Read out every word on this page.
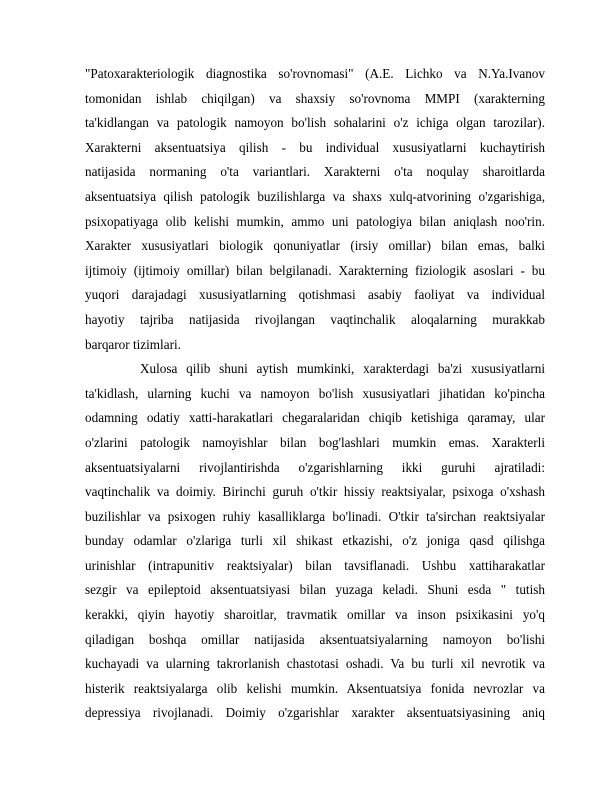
"Patoxarakteriologik diagnostika so'rovnomasi" (A.E. Lichko va N.Ya.Ivanov
tomonidan ishlab chiqilgan) va shaxsiy so'rovnoma MMPI (xarakterning
ta'kidlangan va patologik namoyon bo'lish sohalarini o'z ichiga olgan tarozilar).
Xarakterni aksentuatsiya qilish - bu individual xususiyatlarni kuchaytirish
natijasida normaning o'ta variantlari. Xarakterni o'ta noqulay sharoitlarda
aksentuatsiya qilish patologik buzilishlarga va shaxs xulq-atvorining o'zgarishiga,
psixopatiyaga olib kelishi mumkin, ammo uni patologiya bilan aniqlash noo'rin.
Xarakter xususiyatlari biologik qonuniyatlar (irsiy omillar) bilan emas, balki
ijtimoiy (ijtimoiy omillar) bilan belgilanadi. Xarakterning fiziologik asoslari - bu
yuqori darajadagi xususiyatlarning qotishmasi asabiy faoliyat va individual
hayotiy tajriba natijasida rivojlangan vaqtinchalik aloqalarning murakkab
barqaror tizimlari.
Xulosa qilib shuni aytish mumkinki, xarakterdagi ba'zi xususiyatlarni
ta'kidlash, ularning kuchi va namoyon bo'lish xususiyatlari jihatidan ko'pincha
odamning odatiy xatti-harakatlari chegaralaridan chiqib ketishiga qaramay, ular
o'zlarini patologik namoyishlar bilan bog'lashlari mumkin emas. Xarakterli
aksentuatsiyalarni rivojlantirishda o'zgarishlarning ikki guruhi ajratiladi:
vaqtinchalik va doimiy. Birinchi guruh o'tkir hissiy reaktsiyalar, psixoga o'xshash
buzilishlar va psixogen ruhiy kasalliklarga bo'linadi. O'tkir ta'sirchan reaktsiyalar
bunday odamlar o'zlariga turli xil shikast etkazishi, o'z joniga qasd qilishga
urinishlar (intrapunitiv reaktsiyalar) bilan tavsiflanadi. Ushbu xattiharakatlar
sezgir va epileptoid aksentuatsiyasi bilan yuzaga keladi. Shuni esda " tutish
kerakki, qiyin hayotiy sharoitlar, travmatik omillar va inson psixikasini yo'q
qiladigan boshqa omillar natijasida aksentuatsiyalarning namoyon bo'lishi
kuchayadi va ularning takrorlanish chastotasi oshadi. Va bu turli xil nevrotik va
histerik reaktsiyalarga olib kelishi mumkin. Aksentuatsiya fonida nevrozlar va
depressiya rivojlanadi. Doimiy o'zgarishlar xarakter aksentuatsiyasining aniq
